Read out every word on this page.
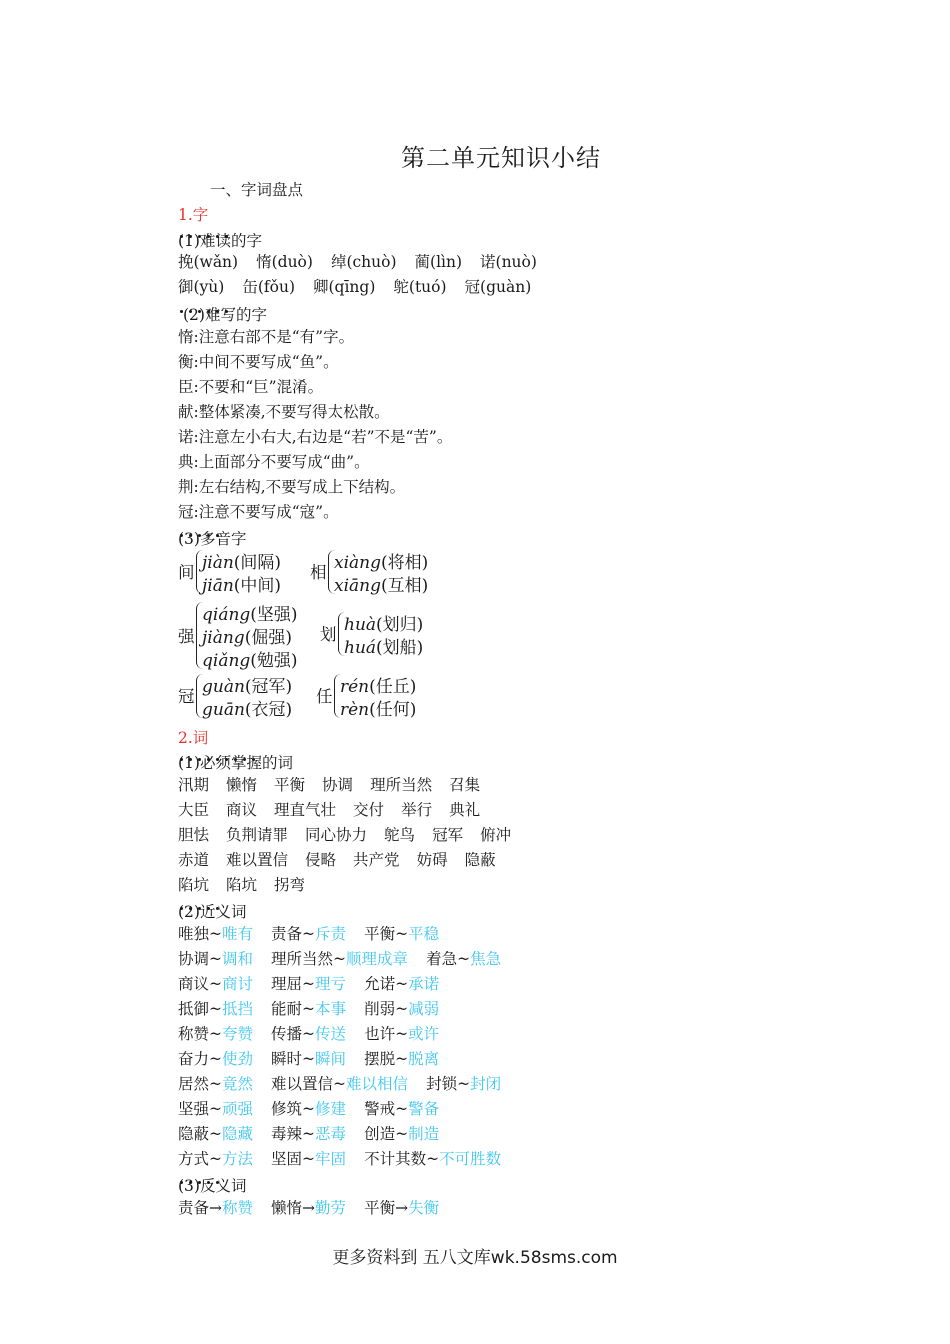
第二单元知识小结
一、字词盘点
1.字
(1)难读的字
挽(wǎn) 惰(duò) 绰(chuò) 蔺(lìn) 诺(nuò)
御(yù) 缶(fǒu) 卿(qīng) 鸵(tuó) 冠(guàn)
(2)难写的字
惰:注意右部不是“有”字。
衡:中间不要写成“鱼”。
臣:不要和“巨”混淆。
献:整体紧凑,不要写得太松散。
诺:注意左小右大,右边是“若”不是“苦”。
典:上面部分不要写成“曲”。
荆:左右结构,不要写成上下结构。
冠:注意不要写成“寇”。
(3)多音字
间 jiàn(间隔)
jiān(中间)
相 xiàng(将相)
xiāng(互相)
强
qiáng(坚强)
jiàng(倔强)
qiǎng(勉强)
划 huà(划归)
huá(划船)
冠 guàn(冠军)
guān(衣冠)
任 rén(任丘)
rèn(任何)
2.词
(1)必须掌握的词
汛期 懒惰 平衡 协调 理所当然 召集
大臣 商议 理直气壮 交付 举行 典礼
胆怯 负荆请罪 同心协力 鸵鸟 冠军 俯冲
赤道 难以置信 侵略 共产党 妨碍 隐蔽
陷坑 陷坑 拐弯
(2)近义词
唯独~唯有 责备~斥责 平衡~平稳
协调~调和 理所当然~顺理成章 着急~焦急
商议~商讨 理屈~理亏 允诺~承诺
抵御~抵挡 能耐~本事 削弱~减弱
称赞~夸赞 传播~传送 也许~或许
奋力~使劲 瞬时~瞬间 摆脱~脱离
居然~竟然 难以置信~难以相信 封锁~封闭
坚强~顽强 修筑~修建 警戒~警备
隐蔽~隐藏 毒辣~恶毒 创造~制造
方式~方法 坚固~牢固 不计其数~不可胜数
(3)反义词
责备→称赞 懒惰→勤劳 平衡→失衡
更多资料到 五八文库wk.58sms.com
